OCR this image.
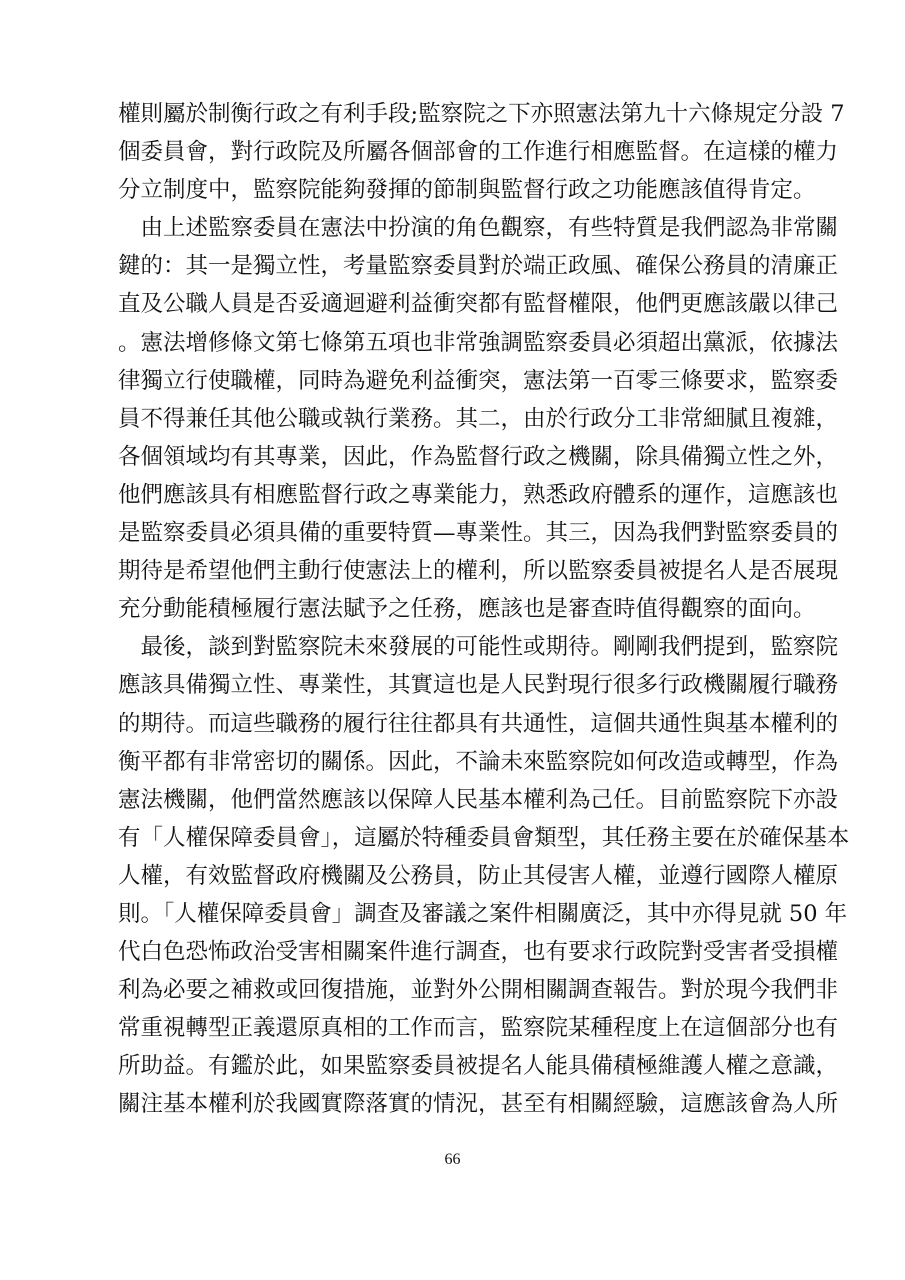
權則屬於制衡行政之有利手段;監察院之下亦照憲法第九十六條規定分設 7
個委員會，對行政院及所屬各個部會的工作進行相應監督。在這樣的權力
分立制度中，監察院能夠發揮的節制與監督行政之功能應該值得肯定。
　由上述監察委員在憲法中扮演的角色觀察，有些特質是我們認為非常關
鍵的：其一是獨立性，考量監察委員對於端正政風、確保公務員的清廉正
直及公職人員是否妥適迴避利益衝突都有監督權限，他們更應該嚴以律己
。憲法增修條文第七條第五項也非常強調監察委員必須超出黨派，依據法
律獨立行使職權，同時為避免利益衝突，憲法第一百零三條要求，監察委
員不得兼任其他公職或執行業務。其二，由於行政分工非常細膩且複雜，
各個領域均有其專業，因此，作為監督行政之機關，除具備獨立性之外，
他們應該具有相應監督行政之專業能力，熟悉政府體系的運作，這應該也
是監察委員必須具備的重要特質—專業性。其三，因為我們對監察委員的
期待是希望他們主動行使憲法上的權利，所以監察委員被提名人是否展現
充分動能積極履行憲法賦予之任務，應該也是審查時值得觀察的面向。
　最後，談到對監察院未來發展的可能性或期待。剛剛我們提到，監察院
應該具備獨立性、專業性，其實這也是人民對現行很多行政機關履行職務
的期待。而這些職務的履行往往都具有共通性，這個共通性與基本權利的
衡平都有非常密切的關係。因此，不論未來監察院如何改造或轉型，作為
憲法機關，他們當然應該以保障人民基本權利為己任。目前監察院下亦設
有「人權保障委員會」，這屬於特種委員會類型，其任務主要在於確保基本
人權，有效監督政府機關及公務員，防止其侵害人權，並遵行國際人權原
則。「人權保障委員會」調查及審議之案件相關廣泛，其中亦得見就 50 年
代白色恐怖政治受害相關案件進行調查，也有要求行政院對受害者受損權
利為必要之補救或回復措施，並對外公開相關調查報告。對於現今我們非
常重視轉型正義還原真相的工作而言，監察院某種程度上在這個部分也有
所助益。有鑑於此，如果監察委員被提名人能具備積極維護人權之意識，
關注基本權利於我國實際落實的情況，甚至有相關經驗，這應該會為人所
66
